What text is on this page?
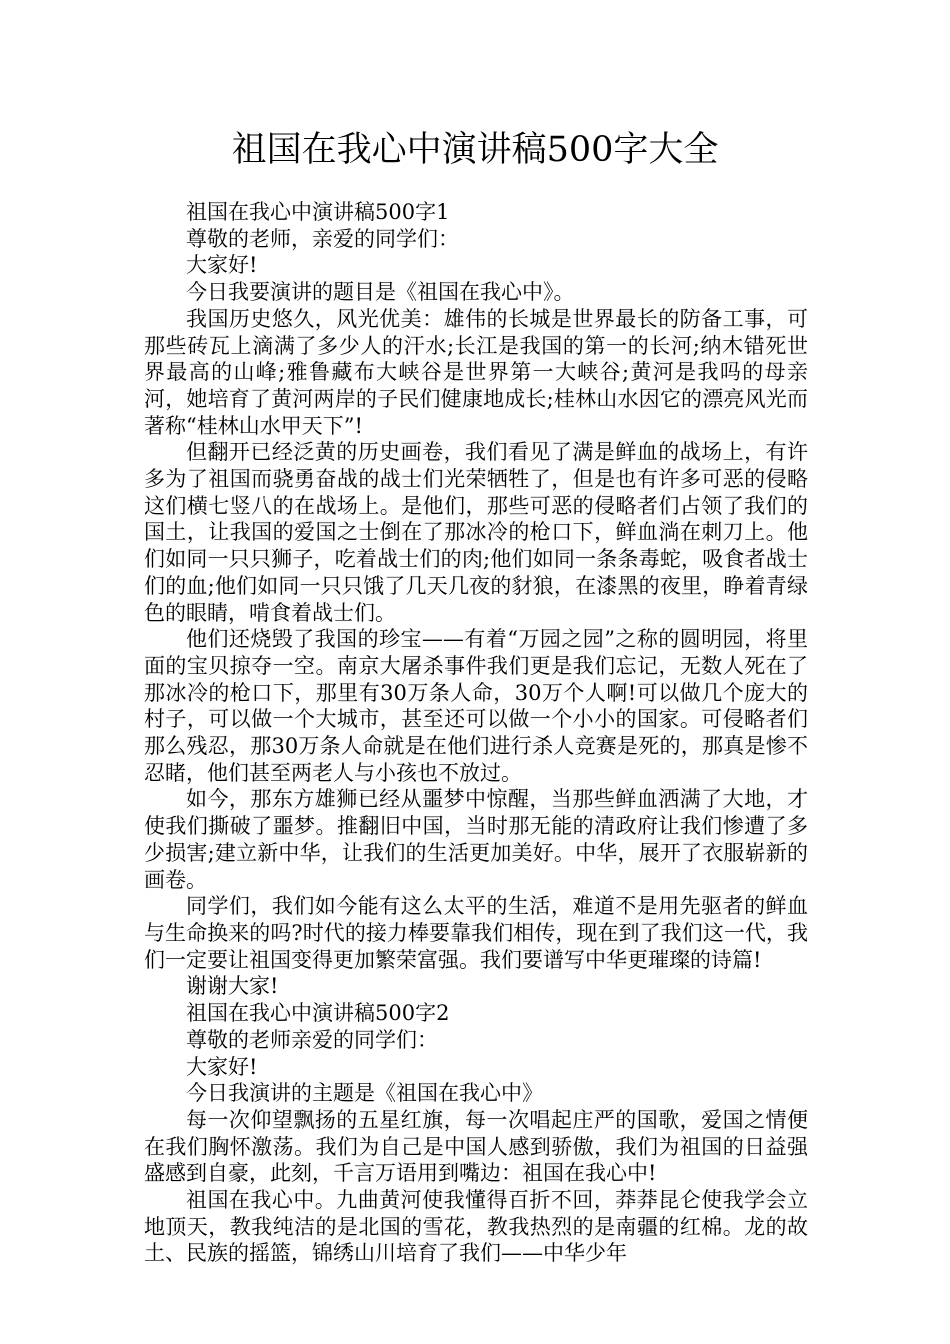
祖国在我心中演讲稿500字大全

祖国在我心中演讲稿500字1

尊敬的老师，亲爱的同学们：

大家好!

今日我要演讲的题目是《祖国在我心中》。

我国历史悠久，风光优美：雄伟的长城是世界最长的防备工事，可那些砖瓦上滴满了多少人的汗水;长江是我国的第一的长河;纳木错死世界最高的山峰;雅鲁藏布大峡谷是世界第一大峡谷;黄河是我吗的母亲河，她培育了黄河两岸的子民们健康地成长;桂林山水因它的漂亮风光而著称“桂林山水甲天下”!

但翻开已经泛黄的历史画卷，我们看见了满是鲜血的战场上，有许多为了祖国而骁勇奋战的战士们光荣牺牲了，但是也有许多可恶的侵略这们横七竖八的在战场上。是他们，那些可恶的侵略者们占领了我们的国土，让我国的爱国之士倒在了那冰冷的枪口下，鲜血淌在刺刀上。他们如同一只只狮子，吃着战士们的肉;他们如同一条条毒蛇，吸食者战士们的血;他们如同一只只饿了几天几夜的豺狼，在漆黑的夜里，睁着青绿色的眼睛，啃食着战士们。

他们还烧毁了我国的珍宝——有着“万园之园”之称的圆明园，将里面的宝贝掠夺一空。南京大屠杀事件我们更是我们忘记，无数人死在了那冰冷的枪口下，那里有30万条人命，30万个人啊!可以做几个庞大的村子，可以做一个大城市，甚至还可以做一个小小的国家。可侵略者们那么残忍，那30万条人命就是在他们进行杀人竞赛是死的，那真是惨不忍睹，他们甚至两老人与小孩也不放过。

如今，那东方雄狮已经从噩梦中惊醒，当那些鲜血洒满了大地，才使我们撕破了噩梦。推翻旧中国，当时那无能的清政府让我们惨遭了多少损害;建立新中华，让我们的生活更加美好。中华，展开了衣服崭新的画卷。

同学们，我们如今能有这么太平的生活，难道不是用先驱者的鲜血与生命换来的吗?时代的接力棒要靠我们相传，现在到了我们这一代，我们一定要让祖国变得更加繁荣富强。我们要谱写中华更璀璨的诗篇!

谢谢大家!

祖国在我心中演讲稿500字2

尊敬的老师亲爱的同学们：

大家好!

今日我演讲的主题是《祖国在我心中》

每一次仰望飘扬的五星红旗，每一次唱起庄严的国歌，爱国之情便在我们胸怀激荡。我们为自己是中国人感到骄傲，我们为祖国的日益强盛感到自豪，此刻，千言万语用到嘴边：祖国在我心中!

祖国在我心中。九曲黄河使我懂得百折不回，莽莽昆仑使我学会立地顶天，教我纯洁的是北国的雪花，教我热烈的是南疆的红棉。龙的故土、民族的摇篮，锦绣山川培育了我们——中华少年
